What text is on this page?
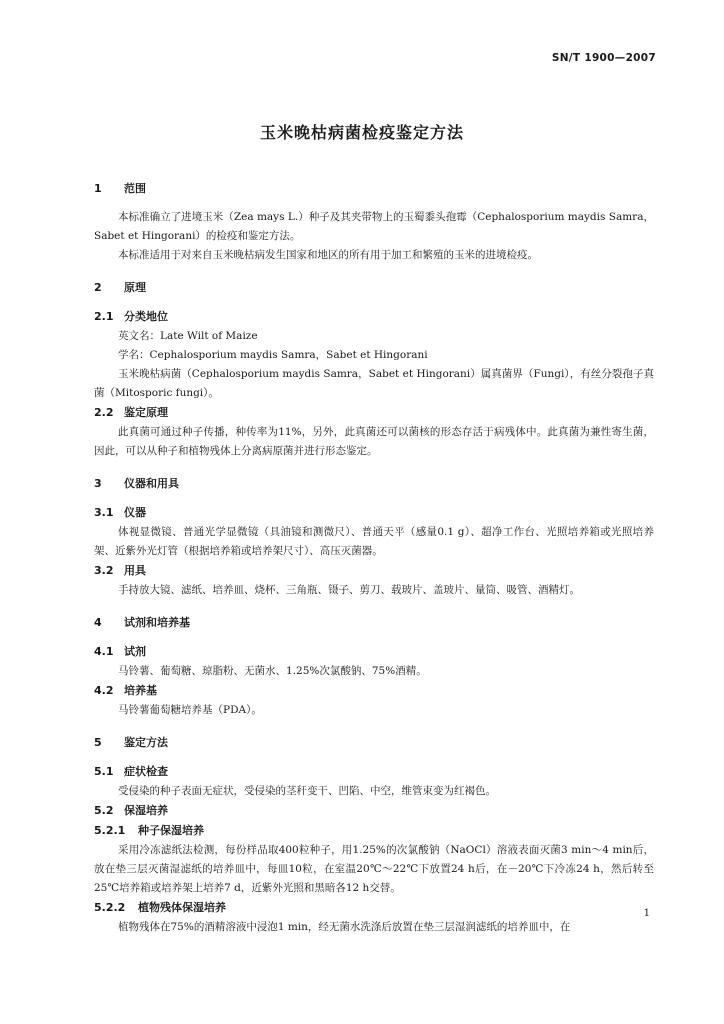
SN/T 1900—2007
玉米晚枯病菌检疫鉴定方法
1 范围
本标准确立了进境玉米（Zea mays L.）种子及其夹带物上的玉蜀黍头孢霉（Cephalosporium maydis Samra，Sabet et Hingorani）的检疫和鉴定方法。
本标准适用于对来自玉米晚枯病发生国家和地区的所有用于加工和繁殖的玉米的进境检疫。
2 原理
2.1 分类地位
英文名：Late Wilt of Maize
学名：Cephalosporium maydis Samra，Sabet et Hingorani
玉米晚枯病菌（Cephalosporium maydis Samra，Sabet et Hingorani）属真菌界（Fungi），有丝分裂孢子真菌（Mitosporic fungi）。
2.2 鉴定原理
此真菌可通过种子传播，种传率为11%，另外，此真菌还可以菌核的形态存活于病残体中。此真菌为兼性寄生菌，因此，可以从种子和植物残体上分离病原菌并进行形态鉴定。
3 仪器和用具
3.1 仪器
体视显微镜、普通光学显微镜（具油镜和测微尺）、普通天平（感量0.1 g）、超净工作台、光照培养箱或光照培养架、近紫外光灯管（根据培养箱或培养架尺寸）、高压灭菌器。
3.2 用具
手持放大镜、滤纸、培养皿、烧杯、三角瓶、镊子、剪刀、载玻片、盖玻片、量筒、吸管、酒精灯。
4 试剂和培养基
4.1 试剂
马铃薯、葡萄糖、琼脂粉、无菌水、1.25%次氯酸钠、75%酒精。
4.2 培养基
马铃薯葡萄糖培养基（PDA）。
5 鉴定方法
5.1 症状检查
受侵染的种子表面无症状，受侵染的茎秆变干、凹陷、中空，维管束变为红褐色。
5.2 保湿培养
5.2.1 种子保湿培养
采用冷冻滤纸法检测，每份样品取400粒种子，用1.25%的次氯酸钠（NaOCl）溶液表面灭菌3 min～4 min后，放在垫三层灭菌湿滤纸的培养皿中，每皿10粒，在室温20℃～22℃下放置24 h后，在－20℃下冷冻24 h，然后转至25℃培养箱或培养架上培养7 d，近紫外光照和黑暗各12 h交替。
5.2.2 植物残体保湿培养
植物残体在75%的酒精溶液中浸泡1 min，经无菌水洗涤后放置在垫三层湿润滤纸的培养皿中，在
1
